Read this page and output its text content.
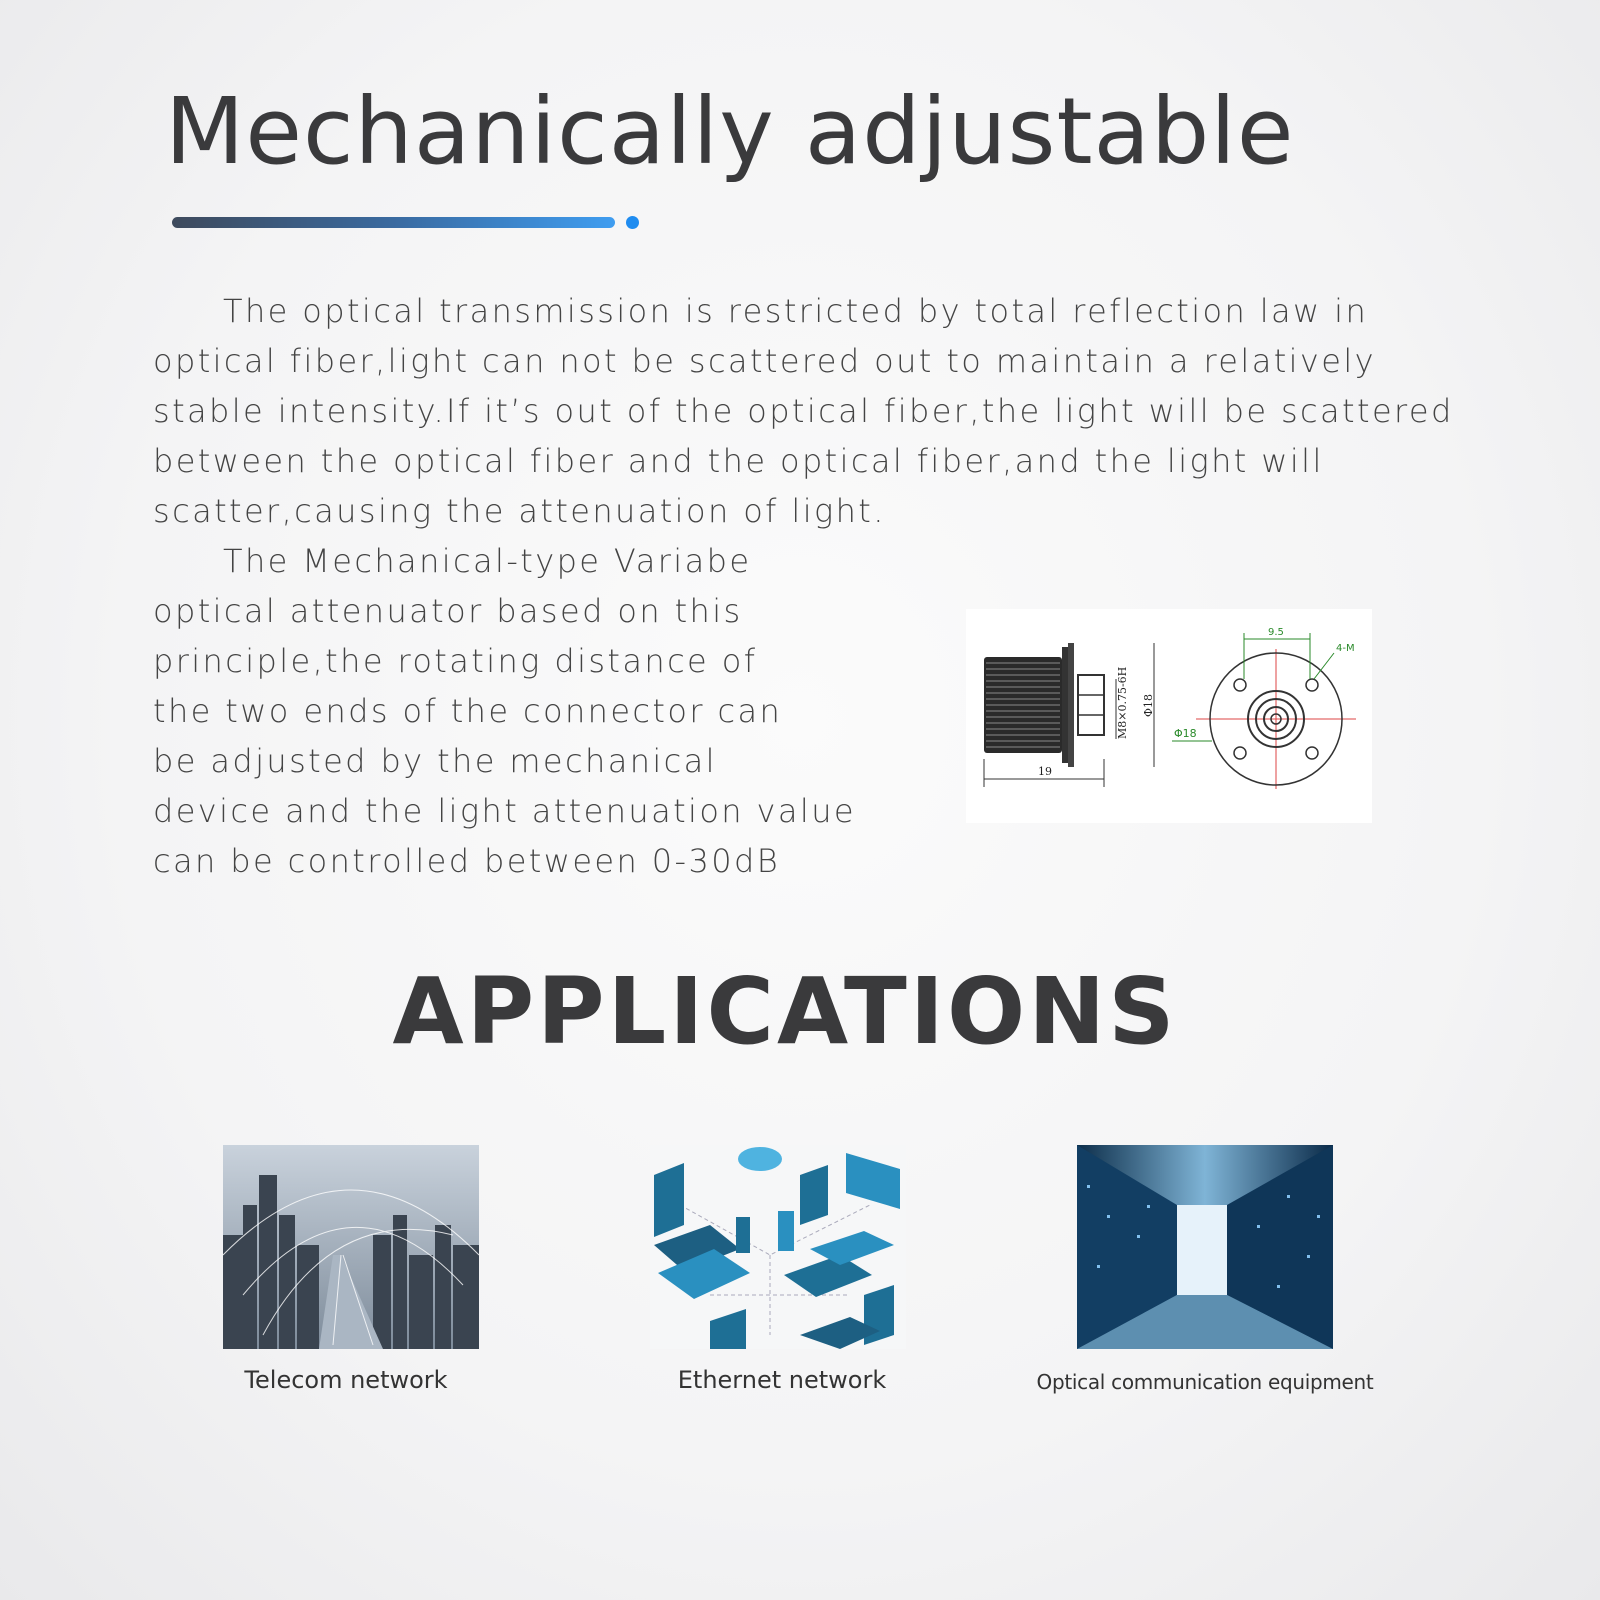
Mechanically adjustable

The optical transmission is restricted by total reflection law in
optical fiber,light can not be scattered out to maintain a relatively
stable intensity.If it’s out of the optical fiber,the light will be scattered
between the optical fiber and the optical fiber,and the light will
scatter,causing the attenuation of light.

The Mechanical-type Variabe
optical attenuator based on this
principle,the rotating distance of
the two ends of the connector can
be adjusted by the mechanical
device and the light attenuation value
can be controlled between 0-30dB

M8×0.75-6H Φ18
19
9.5
4-M
Φ18
APPLICATIONS

Telecom network	Ethernet network	Optical communication equipment
